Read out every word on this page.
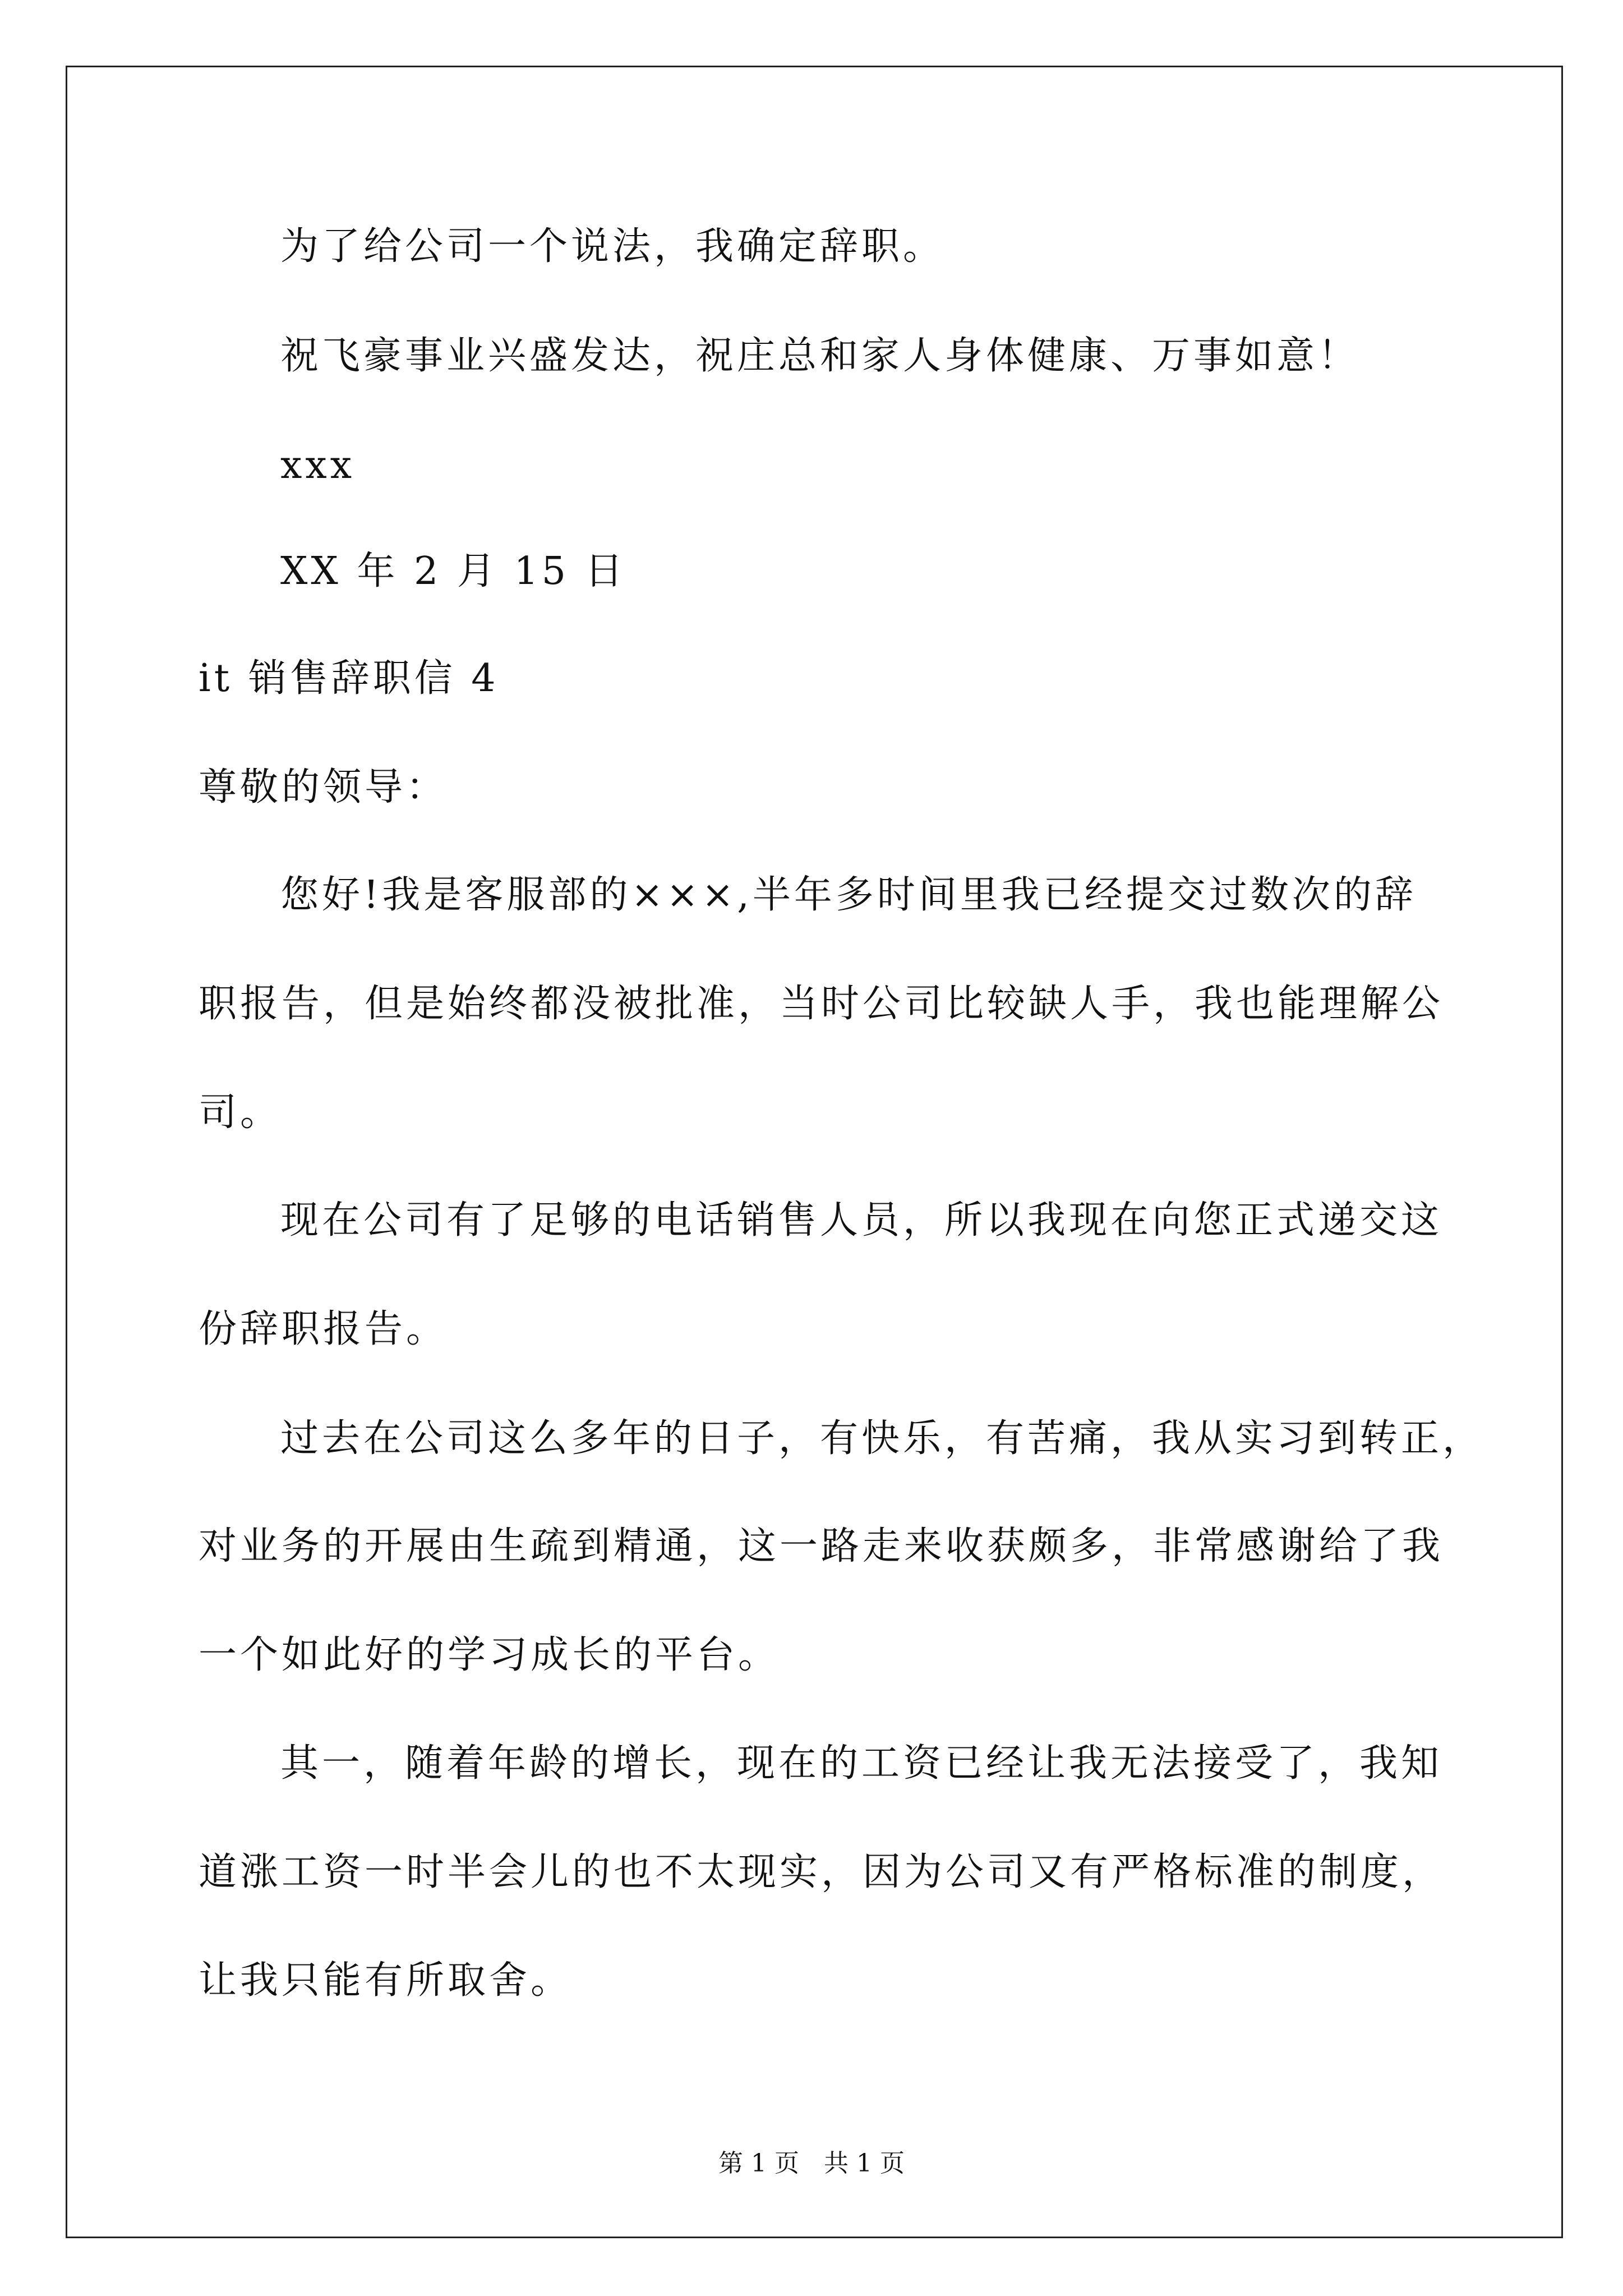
为了给公司一个说法，我确定辞职。
祝飞豪事业兴盛发达，祝庄总和家人身体健康、万事如意！
xxx
XX 年 2 月 15 日
it 销售辞职信 4
尊敬的领导：
您好!我是客服部的×××,半年多时间里我已经提交过数次的辞
职报告，但是始终都没被批准，当时公司比较缺人手，我也能理解公
司。
现在公司有了足够的电话销售人员，所以我现在向您正式递交这
份辞职报告。
过去在公司这么多年的日子，有快乐，有苦痛，我从实习到转正，
对业务的开展由生疏到精通，这一路走来收获颇多，非常感谢给了我
一个如此好的学习成长的平台。
其一，随着年龄的增长，现在的工资已经让我无法接受了，我知
道涨工资一时半会儿的也不太现实，因为公司又有严格标准的制度，
让我只能有所取舍。
第 1 页　共 1 页
